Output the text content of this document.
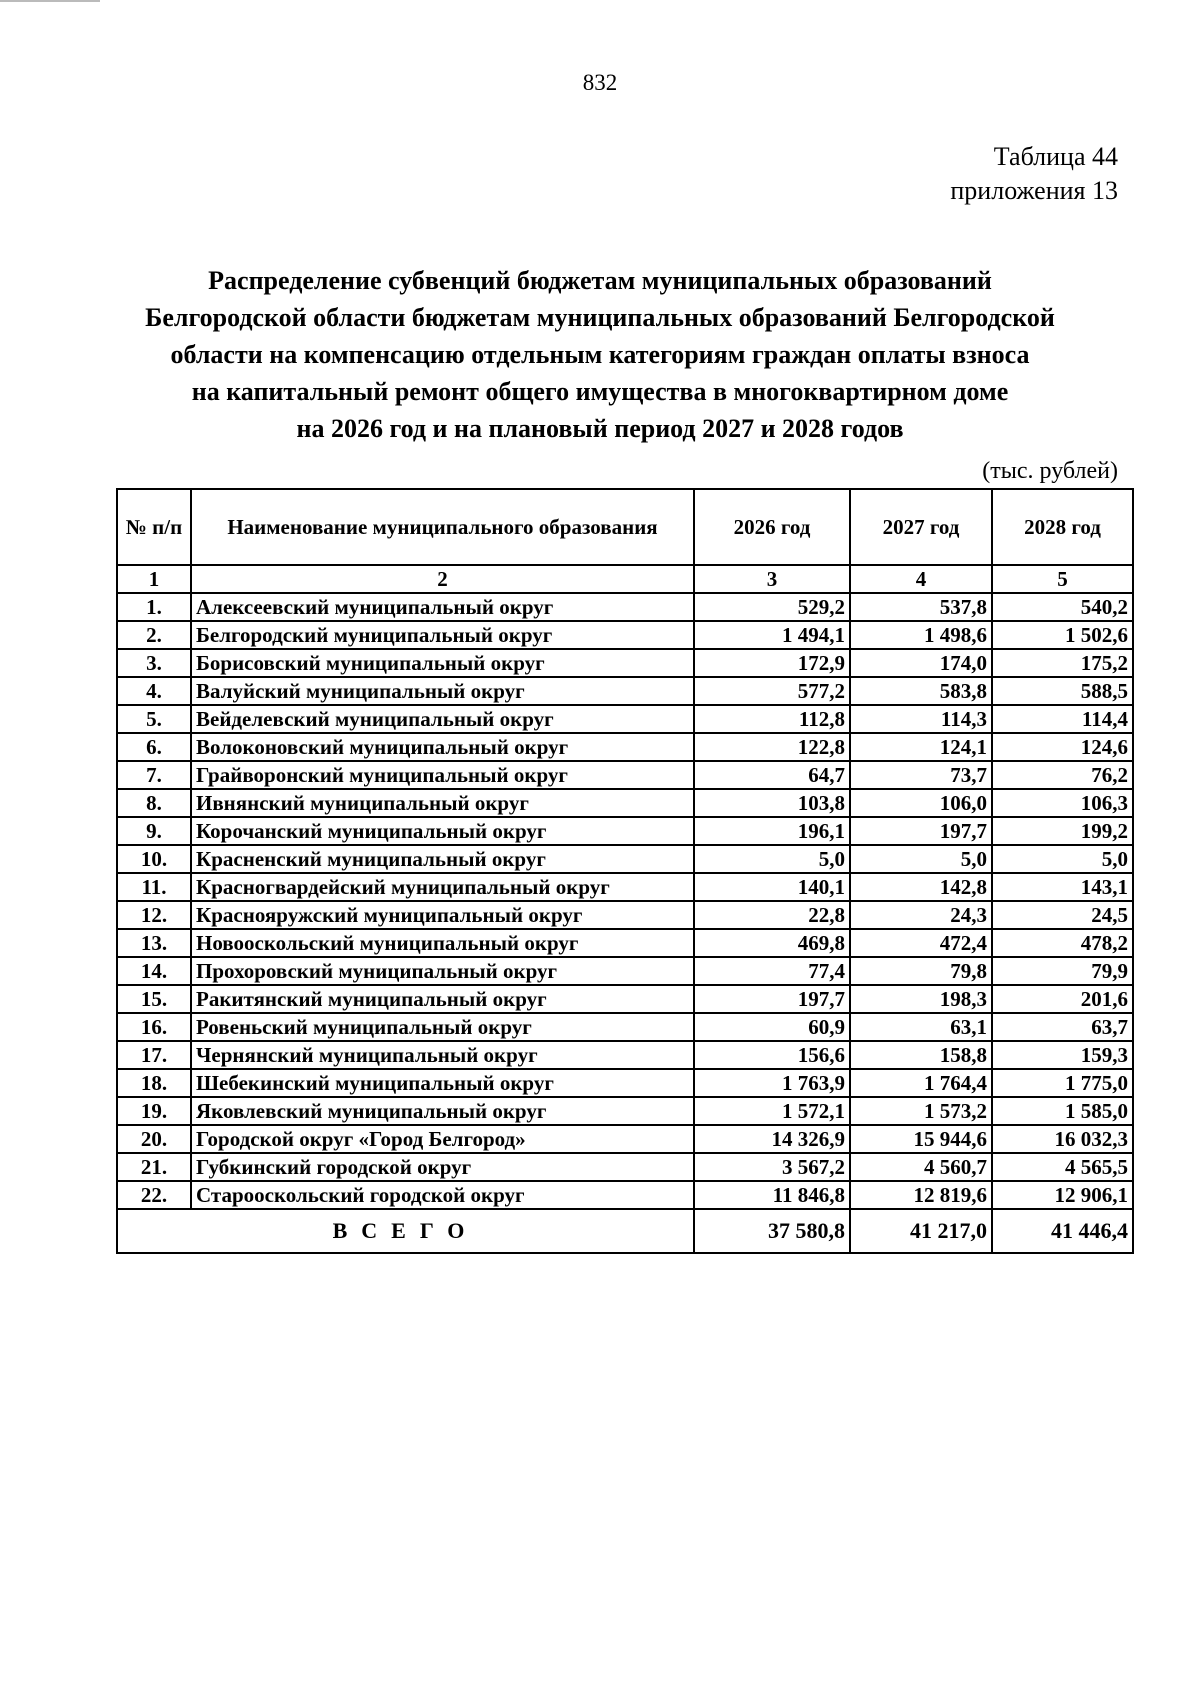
832
Таблица 44
приложения 13
Распределение субвенций бюджетам муниципальных образований
Белгородской области бюджетам муниципальных образований Белгородской
области на компенсацию отдельным категориям граждан оплаты взноса
на капитальный ремонт общего имущества в многоквартирном доме
на 2026 год и на плановый период 2027 и 2028 годов
(тыс. рублей)
№ п/п	Наименование муниципального образования	2026 год	2027 год	2028 год
1	2	3	4	5
1.	Алексеевский муниципальный округ	529,2	537,8	540,2
2.	Белгородский муниципальный округ	1 494,1	1 498,6	1 502,6
3.	Борисовский муниципальный округ	172,9	174,0	175,2
4.	Валуйский муниципальный округ	577,2	583,8	588,5
5.	Вейделевский муниципальный округ	112,8	114,3	114,4
6.	Волоконовский муниципальный округ	122,8	124,1	124,6
7.	Грайворонский муниципальный округ	64,7	73,7	76,2
8.	Ивнянский муниципальный округ	103,8	106,0	106,3
9.	Корочанский муниципальный округ	196,1	197,7	199,2
10.	Красненский муниципальный округ	5,0	5,0	5,0
11.	Красногвардейский муниципальный округ	140,1	142,8	143,1
12.	Краснояружский муниципальный округ	22,8	24,3	24,5
13.	Новооскольский муниципальный округ	469,8	472,4	478,2
14.	Прохоровский муниципальный округ	77,4	79,8	79,9
15.	Ракитянский муниципальный округ	197,7	198,3	201,6
16.	Ровеньский муниципальный округ	60,9	63,1	63,7
17.	Чернянский муниципальный округ	156,6	158,8	159,3
18.	Шебекинский муниципальный округ	1 763,9	1 764,4	1 775,0
19.	Яковлевский муниципальный округ	1 572,1	1 573,2	1 585,0
20.	Городской округ «Город Белгород»	14 326,9	15 944,6	16 032,3
21.	Губкинский городской округ	3 567,2	4 560,7	4 565,5
22.	Старооскольский городской округ	11 846,8	12 819,6	12 906,1
ВСЕГО		37 580,8	41 217,0	41 446,4
